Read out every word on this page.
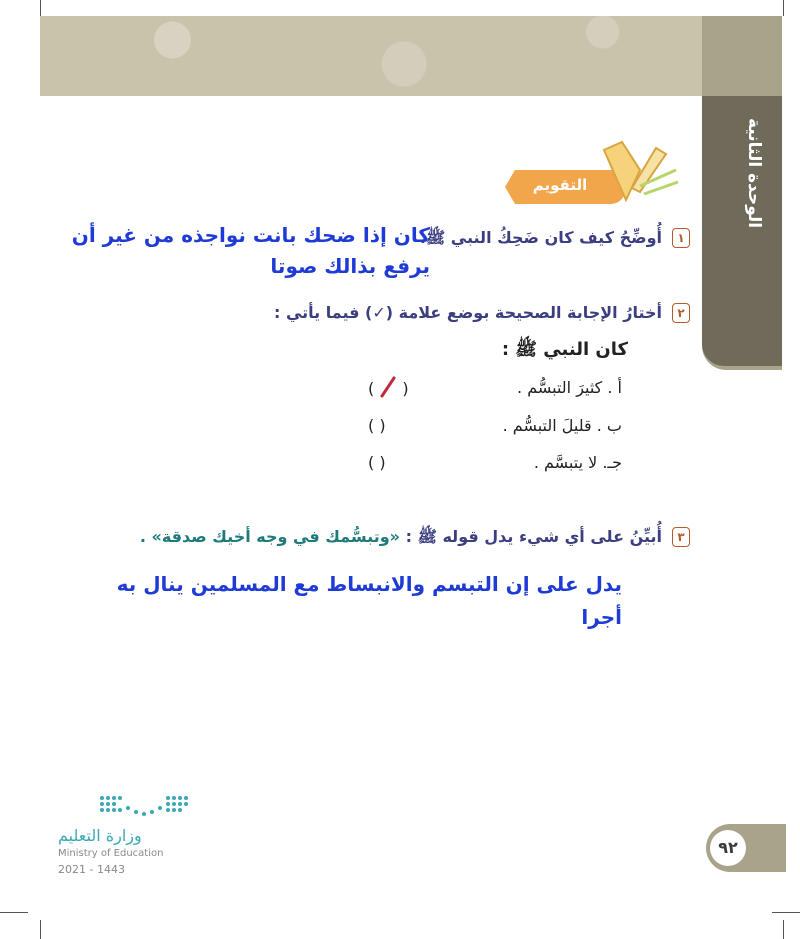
الوحدة الثانية
التقويم
١
أُوضِّحُ كيف كان ضَحِكُ النبي ﷺ.
كان إذا ضحك بانت نواجذه من غير أن
يرفع بذالك صوتا
٢
أختارُ الإجابة الصحيحة بوضع علامة (✓) فيما يأتي :
كان النبي ﷺ :
أ . كثيرَ التبسُّم .
(  )
ب . قليلَ التبسُّم .
( )
جـ. لا يتبسَّم .
( )
٣
أُبيِّنُ على أي شيء يدل قوله ﷺ :
«وتبسُّمك في وجه أخيك صدقة» .
يدل على إن التبسم والانبساط مع المسلمين ينال به
أجرا
وزارة التعليم
Ministry of Education
2021 - 1443
٩٢
